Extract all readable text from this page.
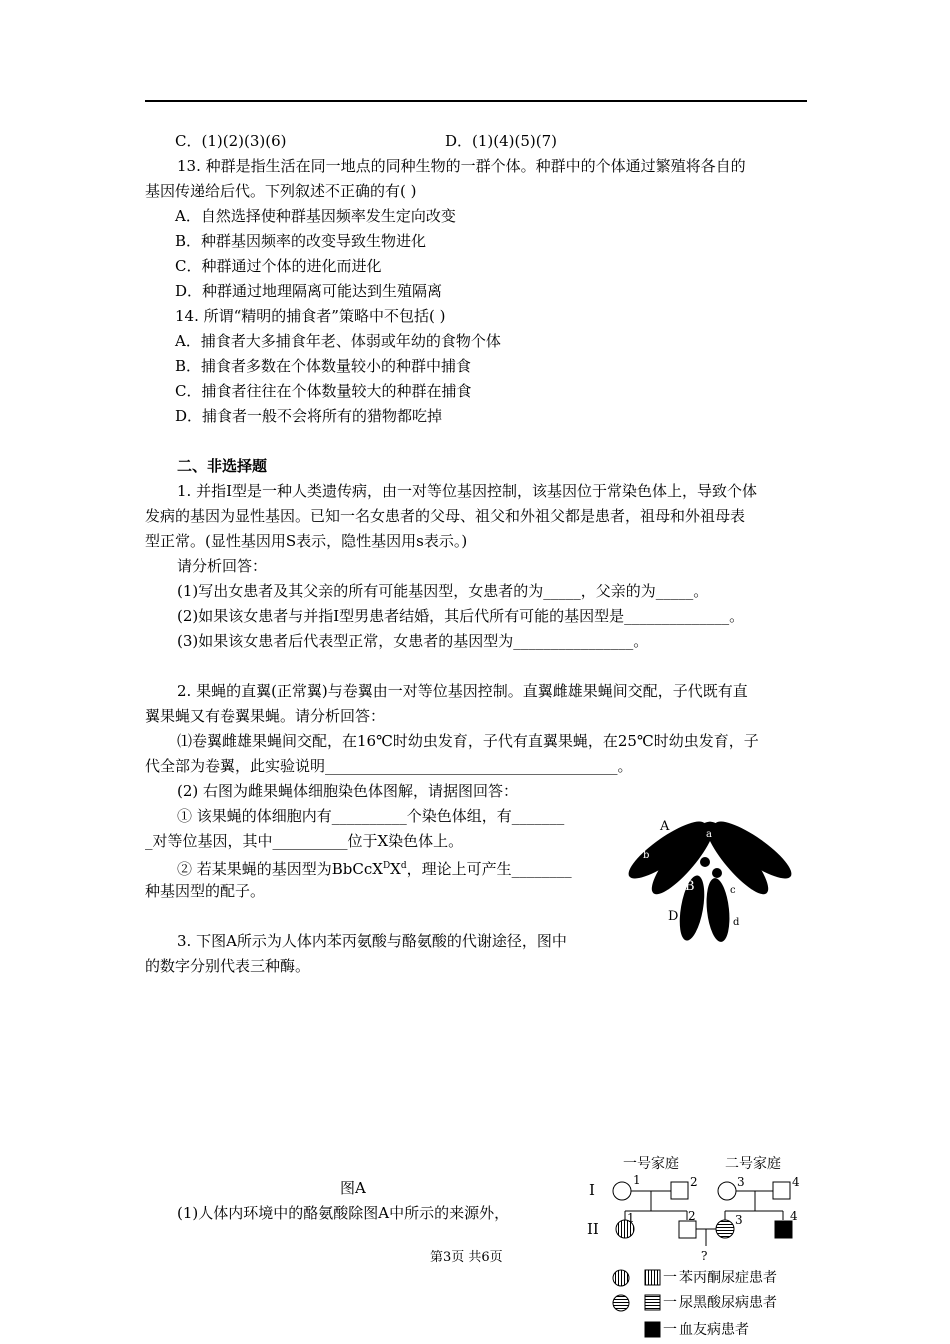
C．(1)(2)(3)(6)	D．(1)(4)(5)(7)
13. 种群是指生活在同一地点的同种生物的一群个体。种群中的个体通过繁殖将各自的
基因传递给后代。下列叙述不正确的有( )
A．自然选择使种群基因频率发生定向改变
B．种群基因频率的改变导致生物进化
C．种群通过个体的进化而进化
D．种群通过地理隔离可能达到生殖隔离
14. 所谓“精明的捕食者”策略中不包括( )
A．捕食者大多捕食年老、体弱或年幼的食物个体
B．捕食者多数在个体数量较小的种群中捕食
C．捕食者往往在个体数量较大的种群在捕食
D．捕食者一般不会将所有的猎物都吃掉
二、非选择题
1. 并指I型是一种人类遗传病，由一对等位基因控制，该基因位于常染色体上，导致个体
发病的基因为显性基因。已知一名女患者的父母、祖父和外祖父都是患者，祖母和外祖母表
型正常。(显性基因用S表示，隐性基因用s表示。)
请分析回答：
(1)写出女患者及其父亲的所有可能基因型，女患者的为_____，父亲的为_____。
(2)如果该女患者与并指I型男患者结婚，其后代所有可能的基因型是______________。
(3)如果该女患者后代表型正常，女患者的基因型为________________。
2. 果蝇的直翼(正常翼)与卷翼由一对等位基因控制。直翼雌雄果蝇间交配，子代既有直
翼果蝇又有卷翼果蝇。请分析回答：
⑴卷翼雌雄果蝇间交配，在16℃时幼虫发育，子代有直翼果蝇，在25℃时幼虫发育，子
代全部为卷翼，此实验说明_______________________________________。
(2) 右图为雌果蝇体细胞染色体图解，请据图回答：
① 该果蝇的体细胞内有__________个染色体组，有_______
_对等位基因，其中__________位于X染色体上。
② 若某果蝇的基因型为$BbCcX^DX^d$，理论上可产生________
种基因型的配子。
A
a
b
B
C
c
D	d
3. 下图A所示为人体内苯丙氨酸与酪氨酸的代谢途径，图中
的数字分别代表三种酶。
图A
(1)人体内环境中的酪氨酸除图A中所示的来源外，
第3页 共6页
一号家庭	二号家庭
I
II
1	2	3	4
1	2	3	4
?
一 苯丙酮尿症患者
一 尿黑酸尿病患者
一 血友病患者
